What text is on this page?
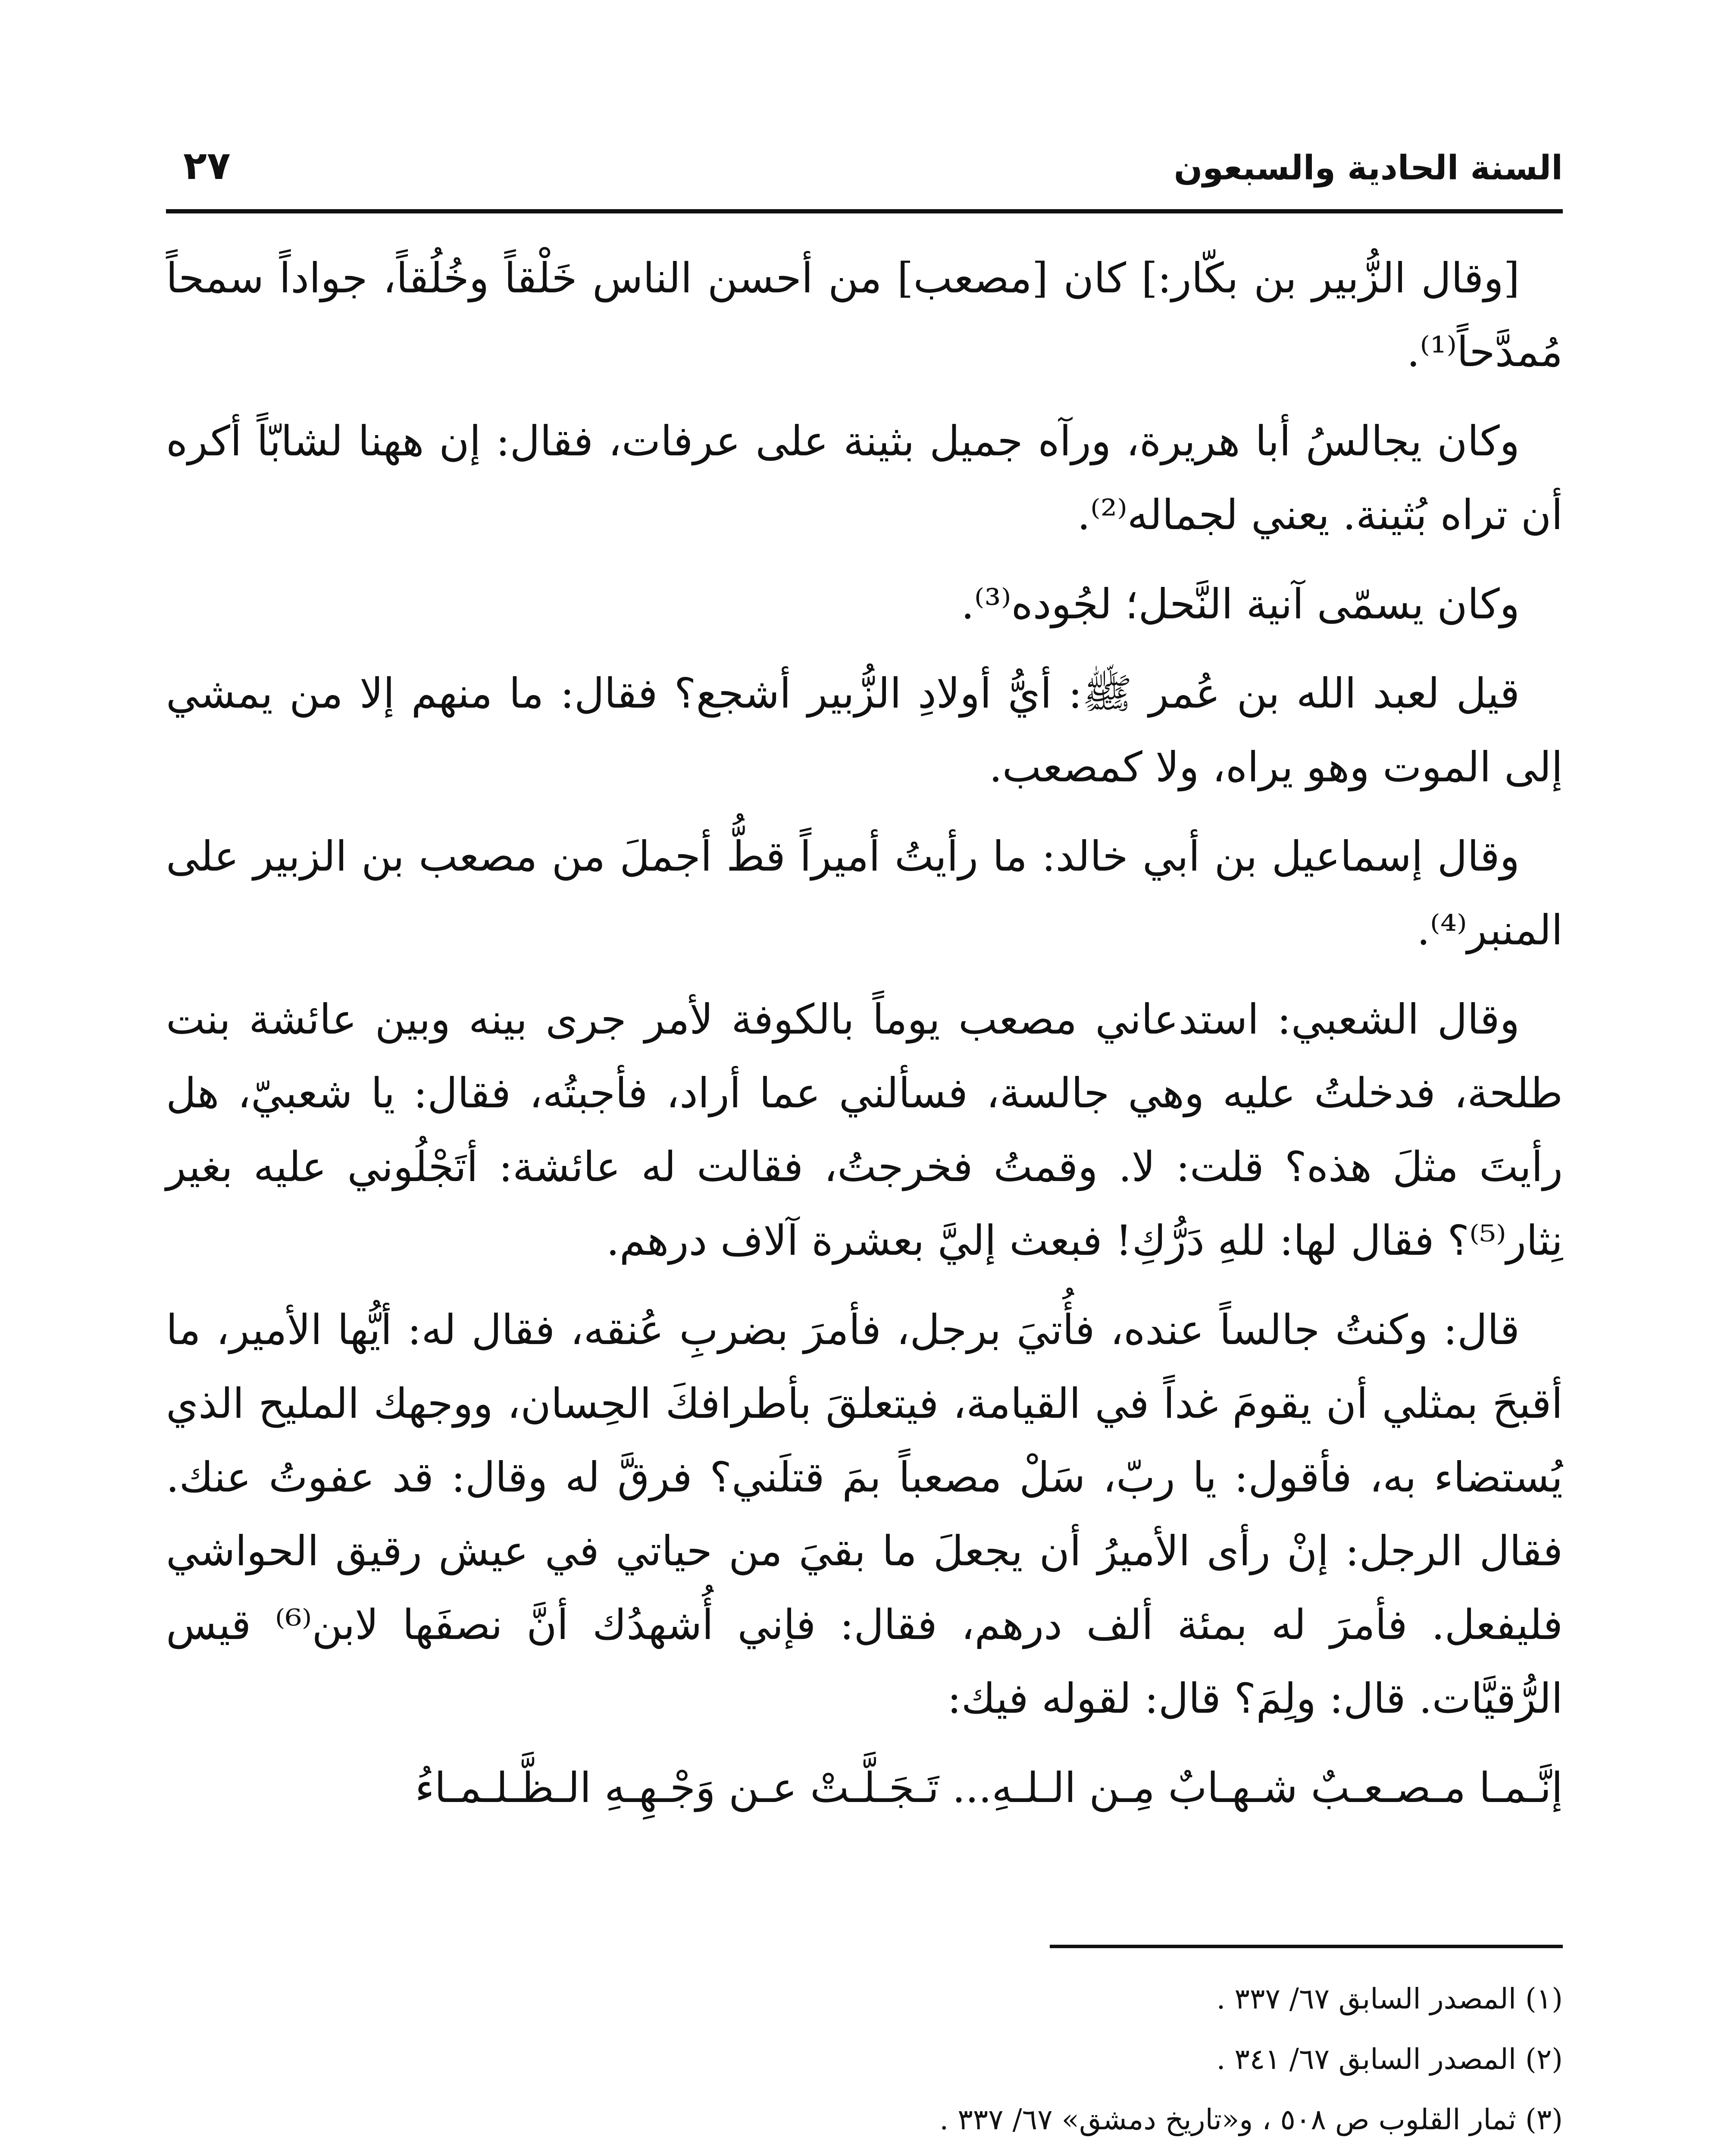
السنة الحادية والسبعون
٢٧

[وقال الزُّبير بن بكّار:] كان [مصعب] من أحسن الناس خَلْقاً وخُلُقاً، جواداً سمحاً مُمدَّحاً⁽¹⁾.

وكان يجالسُ أبا هريرة، ورآه جميل بثينة على عرفات، فقال: إن ههنا لشابّاً أكره أن تراه بُثينة. يعني لجماله⁽²⁾.

وكان يسمّى آنية النَّحل؛ لجُوده⁽³⁾.

قيل لعبد الله بن عُمر ﷺ: أيُّ أولادِ الزُّبير أشجع؟ فقال: ما منهم إلا من يمشي إلى الموت وهو يراه، ولا كمصعب.

وقال إسماعيل بن أبي خالد: ما رأيتُ أميراً قطُّ أجملَ من مصعب بن الزبير على المنبر⁽⁴⁾.

وقال الشعبي: استدعاني مصعب يوماً بالكوفة لأمر جرى بينه وبين عائشة بنت طلحة، فدخلتُ عليه وهي جالسة، فسألني عما أراد، فأجبتُه، فقال: يا شعبيّ، هل رأيتَ مثلَ هذه؟ قلت: لا. وقمتُ فخرجتُ، فقالت له عائشة: أتَجْلُوني عليه بغير نِثار⁽⁵⁾؟ فقال لها: للهِ دَرُّكِ! فبعث إليَّ بعشرة آلاف درهم.

قال: وكنتُ جالساً عنده، فأُتيَ برجل، فأمرَ بضربِ عُنقه، فقال له: أيُّها الأمير، ما أقبحَ بمثلي أن يقومَ غداً في القيامة، فيتعلقَ بأطرافكَ الحِسان، ووجهك المليح الذي يُستضاء به، فأقول: يا ربّ، سَلْ مصعباً بمَ قتلَني؟ فرقَّ له وقال: قد عفوتُ عنك. فقال الرجل: إنْ رأى الأميرُ أن يجعلَ ما بقيَ من حياتي في عيش رقيق الحواشي فليفعل. فأمرَ له بمئة ألف درهم، فقال: فإني أُشهدُك أنَّ نصفَها لابن⁽⁶⁾ قيس الرُّقيَّات. قال: ولِمَ؟ قال: لقوله فيك:

إنَّـمـا مـصـعـبٌ شـهـابٌ مِـن الـلـهِ... تَـجَـلَّـتْ عـن وَجْـهِـهِ الـظَّـلـمـاءُ

(١) المصدر السابق ٦٧/ ٣٣٧ .
(٢) المصدر السابق ٦٧/ ٣٤١ .
(٣) ثمار القلوب ص ٥٠٨ ، و«تاريخ دمشق» ٦٧/ ٣٣٧ .
